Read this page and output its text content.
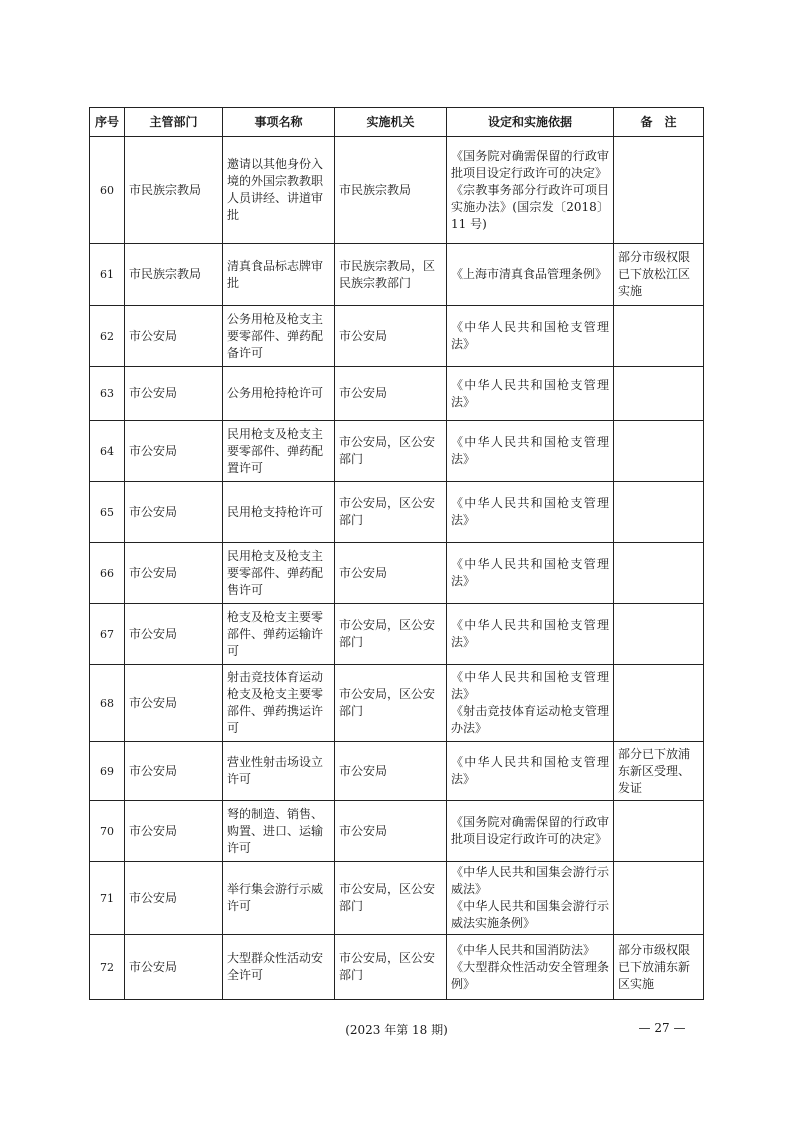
序号	主管部门	事项名称	实施机关	设定和实施依据	备　注
60	市民族宗教局	邀请以其他身份入境的外国宗教教职人员讲经、讲道审批	市民族宗教局	《国务院对确需保留的行政审批项目设定行政许可的决定》
《宗教事务部分行政许可项目实施办法》(国宗发〔2018〕11 号)	

61	市民族宗教局	清真食品标志牌审批	市民族宗教局，区民族宗教部门	《上海市清真食品管理条例》	部分市级权限已下放松江区实施
62	市公安局	公务用枪及枪支主要零部件、弹药配备许可	市公安局	《中华人民共和国枪支管理法》	

63	市公安局	公务用枪持枪许可	市公安局	《中华人民共和国枪支管理法》	

64	市公安局	民用枪支及枪支主要零部件、弹药配置许可	市公安局，区公安部门	《中华人民共和国枪支管理法》	

65	市公安局	民用枪支持枪许可	市公安局，区公安部门	《中华人民共和国枪支管理法》	

66	市公安局	民用枪支及枪支主要零部件、弹药配售许可	市公安局	《中华人民共和国枪支管理法》	

67	市公安局	枪支及枪支主要零部件、弹药运输许可	市公安局，区公安部门	《中华人民共和国枪支管理法》	

68	市公安局	射击竞技体育运动枪支及枪支主要零部件、弹药携运许可	市公安局，区公安部门	《中华人民共和国枪支管理法》
《射击竞技体育运动枪支管理办法》	

69	市公安局	营业性射击场设立许可	市公安局	《中华人民共和国枪支管理法》	部分已下放浦东新区受理、发证
70	市公安局	弩的制造、销售、购置、进口、运输许可	市公安局	《国务院对确需保留的行政审批项目设定行政许可的决定》	

71	市公安局	举行集会游行示威许可	市公安局，区公安部门	《中华人民共和国集会游行示威法》
《中华人民共和国集会游行示威法实施条例》	

72	市公安局	大型群众性活动安全许可	市公安局，区公安部门	《中华人民共和国消防法》
《大型群众性活动安全管理条例》	部分市级权限已下放浦东新区实施
(2023 年第 18 期)	— 27 —
